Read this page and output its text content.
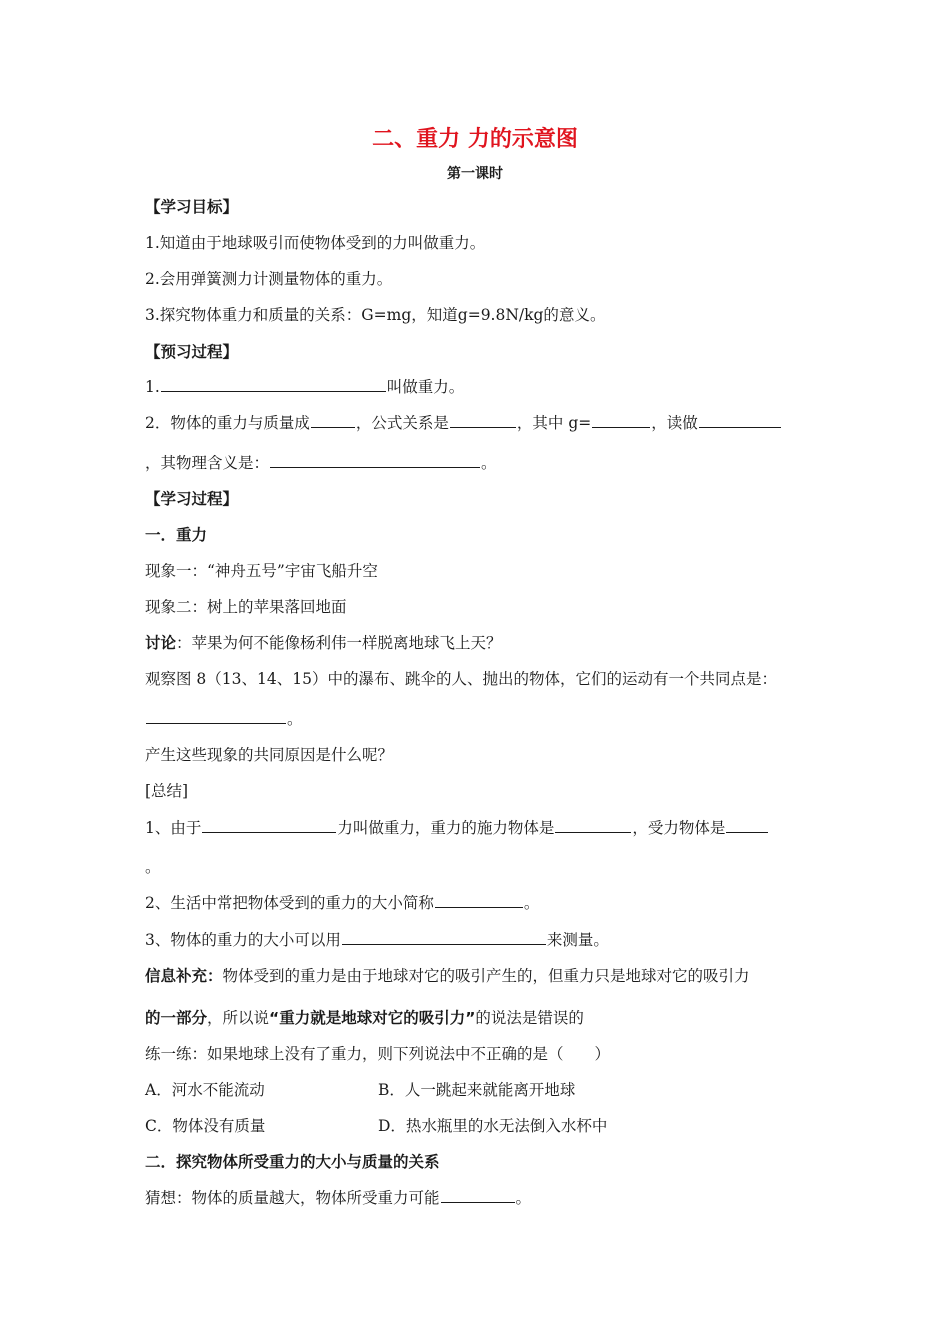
二、重力 力的示意图
第一课时
【学习目标】
1.知道由于地球吸引而使物体受到的力叫做重力。
2.会用弹簧测力计测量物体的重力。
3.探究物体重力和质量的关系：G=mg，知道g=9.8N/kg的意义。
【预习过程】
1.	叫做重力。
2．物体的重力与质量成	，公式关系是	，其中 g=	，读做
，其物理含义是：	。
【学习过程】
一．重力
现象一：“神舟五号”宇宙飞船升空
现象二：树上的苹果落回地面
讨论：苹果为何不能像杨利伟一样脱离地球飞上天？
观察图 8（13、14、15）中的瀑布、跳伞的人、抛出的物体，它们的运动有一个共同点是：
。
产生这些现象的共同原因是什么呢？
[总结]
1、由于	力叫做重力，重力的施力物体是	，受力物体是
。
2、生活中常把物体受到的重力的大小简称	。
3、物体的重力的大小可以用	来测量。
信息补充：物体受到的重力是由于地球对它的吸引产生的，但重力只是地球对它的吸引力
的一部分，所以说“重力就是地球对它的吸引力”的说法是错误的
练一练：如果地球上没有了重力，则下列说法中不正确的是（　　）
A．河水不能流动	B．人一跳起来就能离开地球
C．物体没有质量	D．热水瓶里的水无法倒入水杯中
二．探究物体所受重力的大小与质量的关系
猜想：物体的质量越大，物体所受重力可能	。
